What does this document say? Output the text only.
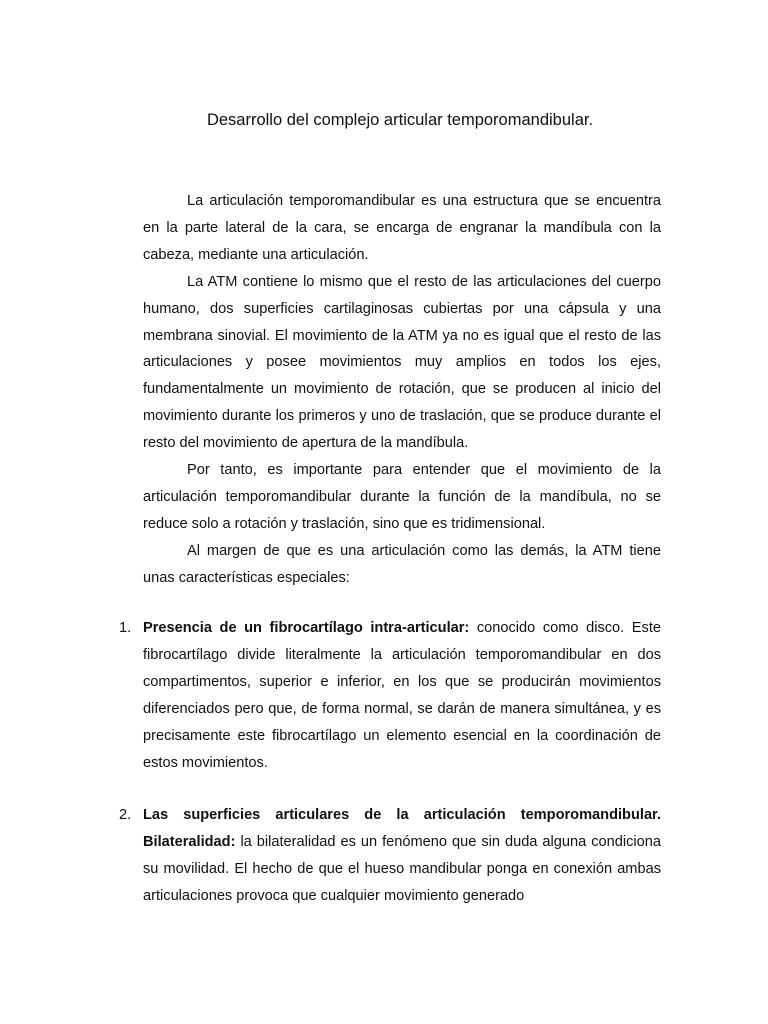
Desarrollo del complejo articular temporomandibular.

La articulación temporomandibular es una estructura que se encuentra en la parte lateral de la cara, se encarga de engranar la mandíbula con la cabeza, mediante una articulación.

La ATM contiene lo mismo que el resto de las articulaciones del cuerpo humano, dos superficies cartilaginosas cubiertas por una cápsula y una membrana sinovial. El movimiento de la ATM ya no es igual que el resto de las articulaciones y posee movimientos muy amplios en todos los ejes, fundamentalmente un movimiento de rotación, que se producen al inicio del movimiento durante los primeros y uno de traslación, que se produce durante el resto del movimiento de apertura de la mandíbula.

Por tanto, es importante para entender que el movimiento de la articulación temporomandibular durante la función de la mandíbula, no se reduce solo a rotación y traslación, sino que es tridimensional.

Al margen de que es una articulación como las demás, la ATM tiene unas características especiales:

1. Presencia de un fibrocartílago intra-articular: conocido como disco. Este fibrocartílago divide literalmente la articulación temporomandibular en dos compartimentos, superior e inferior, en los que se producirán movimientos diferenciados pero que, de forma normal, se darán de manera simultánea, y es precisamente este fibrocartílago un elemento esencial en la coordinación de estos movimientos.

2. Las superficies articulares de la articulación temporomandibular. Bilateralidad: la bilateralidad es un fenómeno que sin duda alguna condiciona su movilidad. El hecho de que el hueso mandibular ponga en conexión ambas articulaciones provoca que cualquier movimiento generado
